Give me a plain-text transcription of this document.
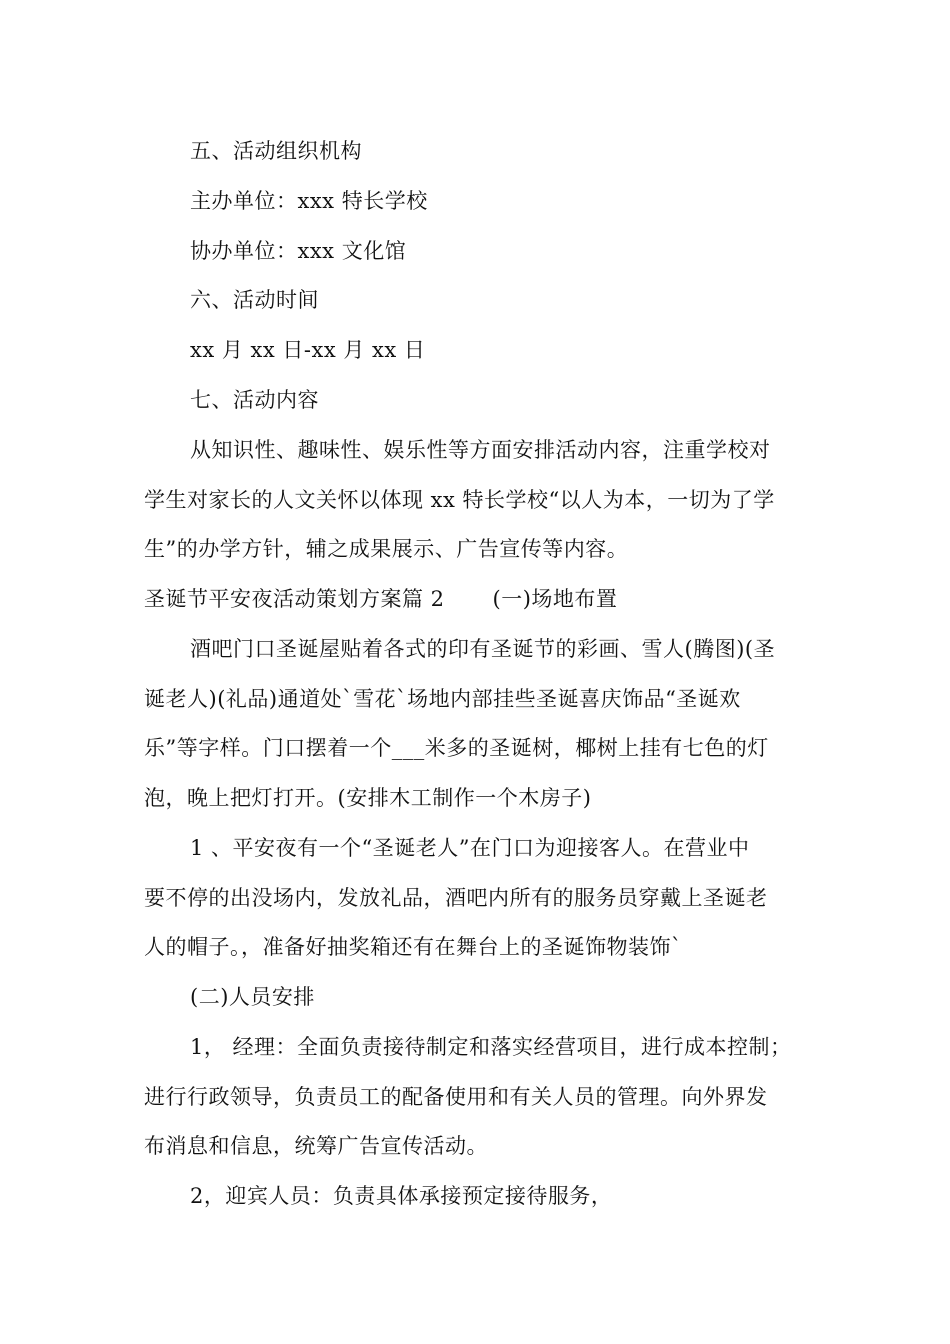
五、活动组织机构
主办单位：xxx 特长学校
协办单位：xxx 文化馆
六、活动时间
xx 月 xx 日-xx 月 xx 日
七、活动内容
从知识性、趣味性、娱乐性等方面安排活动内容，注重学校对
学生对家长的人文关怀以体现 xx 特长学校“以人为本，一切为了学
生”的办学方针，辅之成果展示、广告宣传等内容。
圣诞节平安夜活动策划方案篇 2 (一)场地布置
酒吧门口圣诞屋贴着各式的印有圣诞节的彩画、雪人(腾图)(圣
诞老人)(礼品)通道处`雪花`场地内部挂些圣诞喜庆饰品“圣诞欢
乐”等字样。门口摆着一个___米多的圣诞树，椰树上挂有七色的灯
泡，晚上把灯打开。(安排木工制作一个木房子)
1 、平安夜有一个“圣诞老人”在门口为迎接客人。在营业中
要不停的出没场内，发放礼品，酒吧内所有的服务员穿戴上圣诞老
人的帽子。，准备好抽奖箱还有在舞台上的圣诞饰物装饰`
(二)人员安排
1， 经理：全面负责接待制定和落实经营项目，进行成本控制；
进行行政领导，负责员工的配备使用和有关人员的管理。向外界发
布消息和信息，统筹广告宣传活动。
2，迎宾人员：负责具体承接预定接待服务，
